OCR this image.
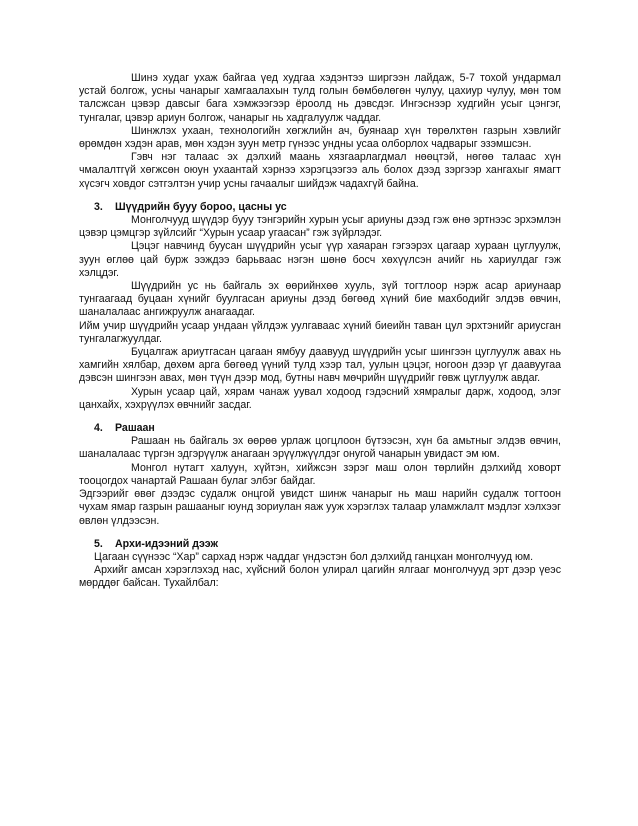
Шинэ худаг ухаж байгаа үед худгаа хэдэнтээ ширгээн лайдаж, 5-7 тохой ундармал устай болгож, усны чанарыг хамгаалахын тулд голын бөмбөлөгөн чулуу, цахиур чулуу, мөн том талсжсан цэвэр давсыг бага хэмжээгээр ёроолд нь дэвсдэг. Ингэснээр худгийн усыг цэнгэг, тунгалаг, цэвэр ариун болгож, чанарыг нь хадгалуулж чаддаг.

Шинжлэх ухаан, технологийн хөгжлийн ач, буянаар хүн төрөлхтөн газрын хэвлийг өрөмдөн хэдэн арав, мөн хэдэн зуун метр гүнээс ундны усаа олборлох чадварыг эзэмшсэн.

Гэвч нэг талаас эх дэлхий маань хязгаарлагдмал нөөцтэй, нөгөө талаас хүн чмалалтгүй хөгжсөн оюун ухаантай хэрнээ хэрэгцээгээ аль болох дээд зэргээр хангахыг ямагт хүсэгч ховдог сэтгэлтэн учир усны гачаалыг шийдэж чадахгүй байна.

3. Шүүдрийн бууу бороо, цасны ус

Монголчууд шүүдэр бууу тэнгэрийн хурын усыг ариуны дээд гэж өнө эртнээс эрхэмлэн цэвэр цэмцгэр зүйлсийг “Хурын усаар угаасан” гэж зүйрлэдэг.

Цэцэг навчинд буусан шүүдрийн усыг үүр хаяаран гэгээрэх цагаар хураан цуглуулж, зуун өглөө цай бурж ээждээ барьваас нэгэн шөнө босч хөхүүлсэн ачийг нь хариулдаг гэж хэлцдэг.

Шүүдрийн ус нь байгаль эх өөрийнхөө хууль, зүй тогтлоор нэрж асар ариунаар тунгаагаад буцаан хүнийг буулгасан ариуны дээд бөгөөд хүний бие махбодийг элдэв өвчин, шаналалаас ангижруулж анагаадаг.

Ийм учир шүүдрийн усаар ундаан үйлдэж уулгаваас хүний биеийн таван цул эрхтэнийг ариусган тунгалагжуулдаг.

Буцалгаж ариутгасан цагаан ямбуу даавууд шүүдрийн усыг шингээн цуглуулж авах нь хамгийн хялбар, дөхөм арга бөгөөд үүний тулд хээр тал, уулын цэцэг, ногоон дээр үг даавуугаа дэвсэн шингээн авах, мөн түүн дээр мод, бутны навч мөчрийн шүүдрийг гөвж цуглуулж авдаг.

Хурын усаар цай, хярам чанаж уувал ходоод гэдэсний хямралыг дарж, ходоод, элэг цанхайх, хэхрүүлэх өвчнийг засдаг.

4. Рашаан

Рашаан нь байгаль эх өөрөө урлаж цогцлоон бүтээсэн, хүн ба амьтныг элдэв өвчин, шаналалаас түргэн эдгэрүүлж анагаан эрүүлжүүлдэг онугой чанарын увидаст эм юм.

Монгол нутагт халуун, хүйтэн, хийжсэн зэрэг маш олон төрлийн дэлхийд ховорт тооцогдох чанартай Рашаан булаг элбэг байдаг.

Эдгээрийг өвөг дээдэс судалж онцгой увидст шинж чанарыг нь маш нарийн судалж тогтоон чухам ямар газрын рашааныг юунд зориулан яаж ууж хэрэглэх талаар уламжлалт мэдлэг хэлхээг өвлөн үлдээсэн.

5. Архи-идээний дээж

Цагаан сүүнээс “Хар” сархад нэрж чаддаг үндэстэн бол дэлхийд ганцхан монголчууд юм.

Архийг амсан хэрэглэхэд нас, хүйсний болон улирал цагийн ялгааг монголчууд эрт дээр үеэс мөрддөг байсан. Тухайлбал:
